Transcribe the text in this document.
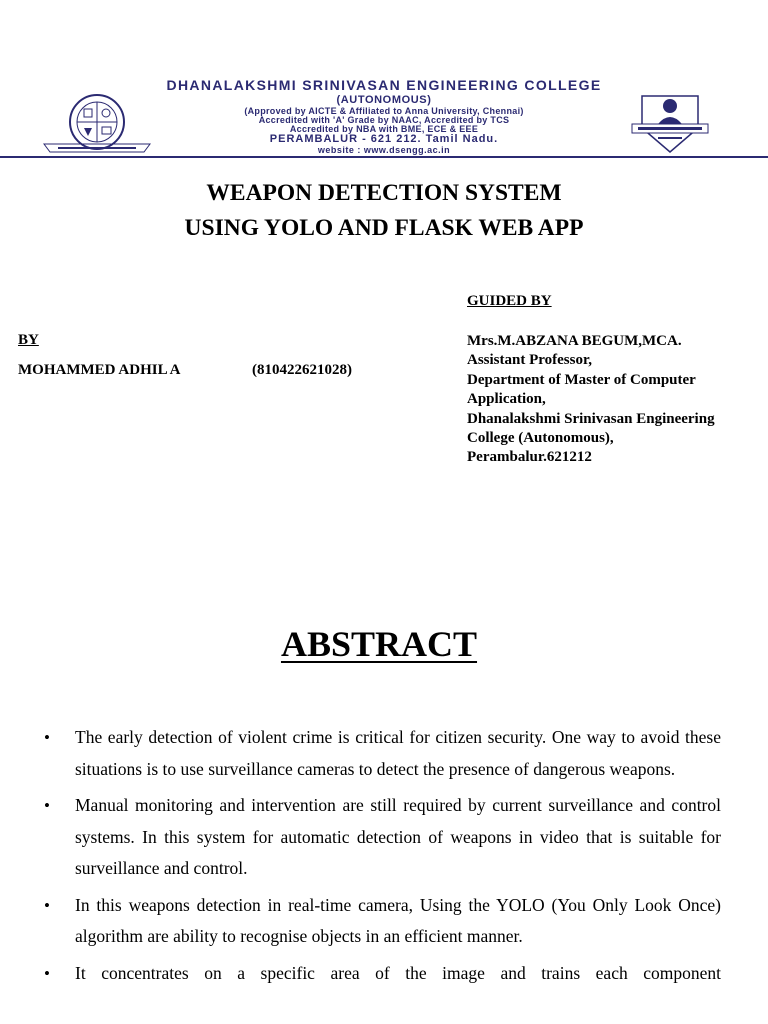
DHANALAKSHMI SRINIVASAN ENGINEERING COLLEGE
(AUTONOMOUS)
(Approved by AICTE & Affiliated to Anna University, Chennai)
Accredited with 'A' Grade by NAAC, Accredited by TCS
Accredited by NBA with BME, ECE & EEE
PERAMBALUR - 621 212. Tamil Nadu.
website : www.dsengg.ac.in
WEAPON DETECTION SYSTEM
USING YOLO AND FLASK WEB APP
GUIDED BY
Mrs.M.ABZANA BEGUM,MCA.
Assistant Professor,
Department of Master of Computer
Application,
Dhanalakshmi Srinivasan Engineering
College (Autonomous),
Perambalur.621212
BY
MOHAMMED ADHIL A	(810422621028)
ABSTRACT
• The early detection of violent crime is critical for citizen security. One way to avoid these situations is to use surveillance cameras to detect the presence of dangerous weapons.
• Manual monitoring and intervention are still required by current surveillance and control systems. In this system for automatic detection of weapons in video that is suitable for surveillance and control.
• In this weapons detection in real-time camera, Using the YOLO (You Only Look Once) algorithm are ability to recognise objects in an efficient manner.
• It concentrates on a specific area of the image and trains each component
